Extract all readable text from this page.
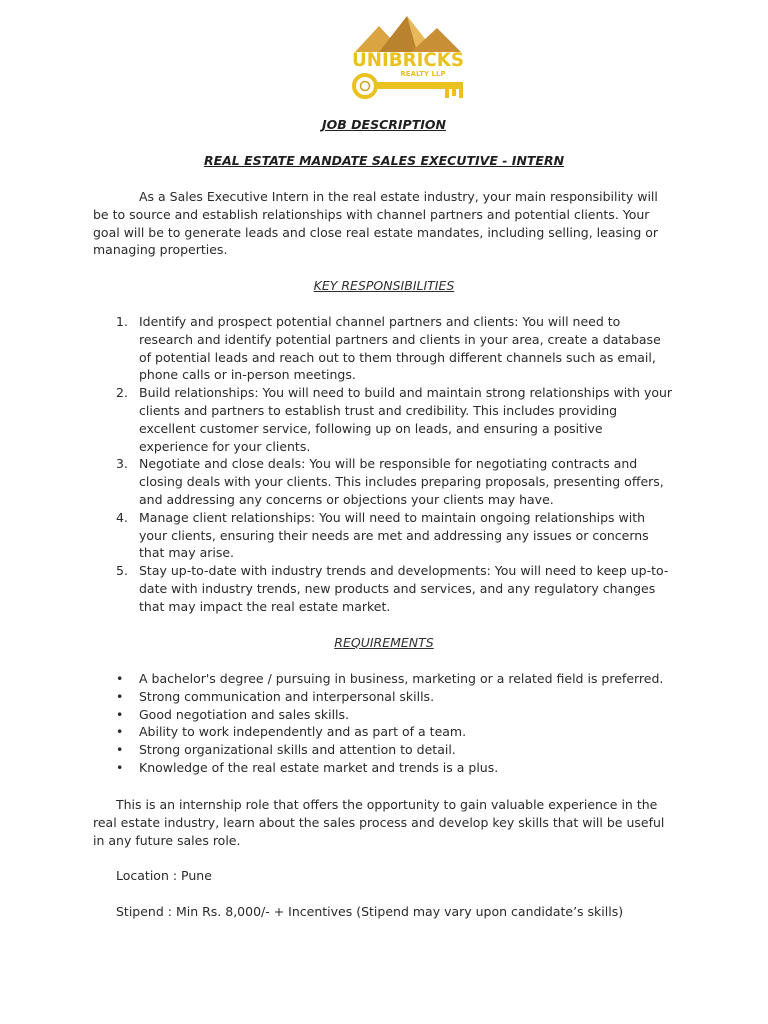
UNIBRICKS
REALTY LLP
JOB DESCRIPTION
REAL ESTATE MANDATE SALES EXECUTIVE - INTERN

As a Sales Executive Intern in the real estate industry, your main responsibility will be to source and establish relationships with channel partners and potential clients. Your goal will be to generate leads and close real estate mandates, including selling, leasing or managing properties.

KEY RESPONSIBILITIES
1. Identify and prospect potential channel partners and clients: You will need to research and identify potential partners and clients in your area, create a database of potential leads and reach out to them through different channels such as email, phone calls or in-person meetings.
2. Build relationships: You will need to build and maintain strong relationships with your clients and partners to establish trust and credibility. This includes providing excellent customer service, following up on leads, and ensuring a positive experience for your clients.
3. Negotiate and close deals: You will be responsible for negotiating contracts and closing deals with your clients. This includes preparing proposals, presenting offers, and addressing any concerns or objections your clients may have.
4. Manage client relationships: You will need to maintain ongoing relationships with your clients, ensuring their needs are met and addressing any issues or concerns that may arise.
5. Stay up-to-date with industry trends and developments: You will need to keep up-to-date with industry trends, new products and services, and any regulatory changes that may impact the real estate market.
REQUIREMENTS
• A bachelor's degree / pursuing in business, marketing or a related field is preferred.
• Strong communication and interpersonal skills.
• Good negotiation and sales skills.
• Ability to work independently and as part of a team.
• Strong organizational skills and attention to detail.
• Knowledge of the real estate market and trends is a plus.

This is an internship role that offers the opportunity to gain valuable experience in the real estate industry, learn about the sales process and develop key skills that will be useful in any future sales role.

Location : Pune
Stipend : Min Rs. 8,000/- + Incentives (Stipend may vary upon candidate’s skills)
